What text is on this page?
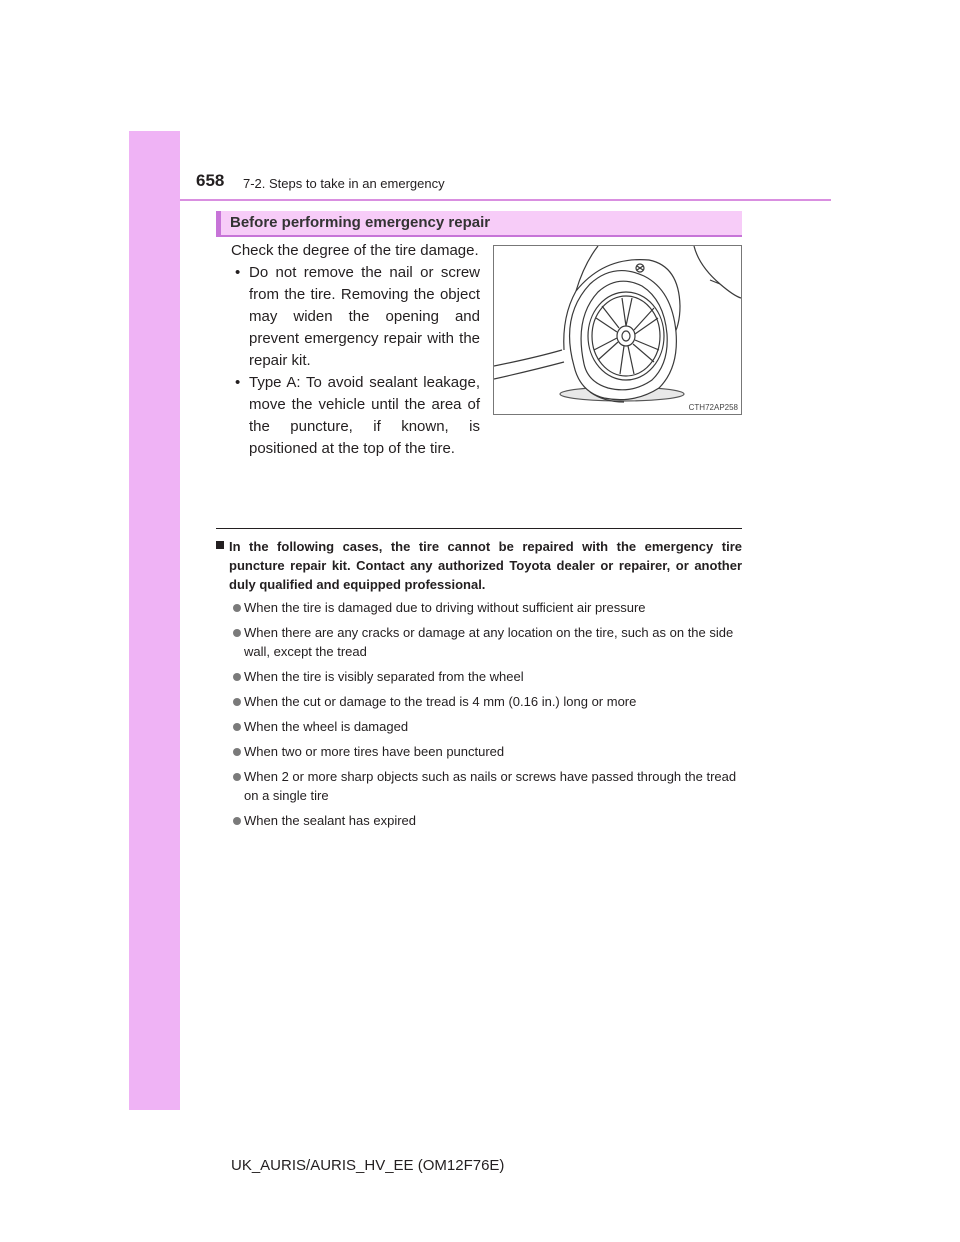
658 7-2. Steps to take in an emergency
Before performing emergency repair

Check the degree of the tire damage.

• Do not remove the nail or screw from the tire. Removing the object may widen the opening and prevent emergency repair with the repair kit.
• Type A: To avoid sealant leakage, move the vehicle until the area of the puncture, if known, is positioned at the top of the tire.
CTH72AP258

In the following cases, the tire cannot be repaired with the emergency tire puncture repair kit. Contact any authorized Toyota dealer or repairer, or another duly qualified and equipped professional.

When the tire is damaged due to driving without sufficient air pressure
When there are any cracks or damage at any location on the tire, such as on the side wall, except the tread
When the tire is visibly separated from the wheel
When the cut or damage to the tread is 4 mm (0.16 in.) long or more
When the wheel is damaged
When two or more tires have been punctured
When 2 or more sharp objects such as nails or screws have passed through the tread on a single tire
When the sealant has expired
UK_AURIS/AURIS_HV_EE (OM12F76E)
